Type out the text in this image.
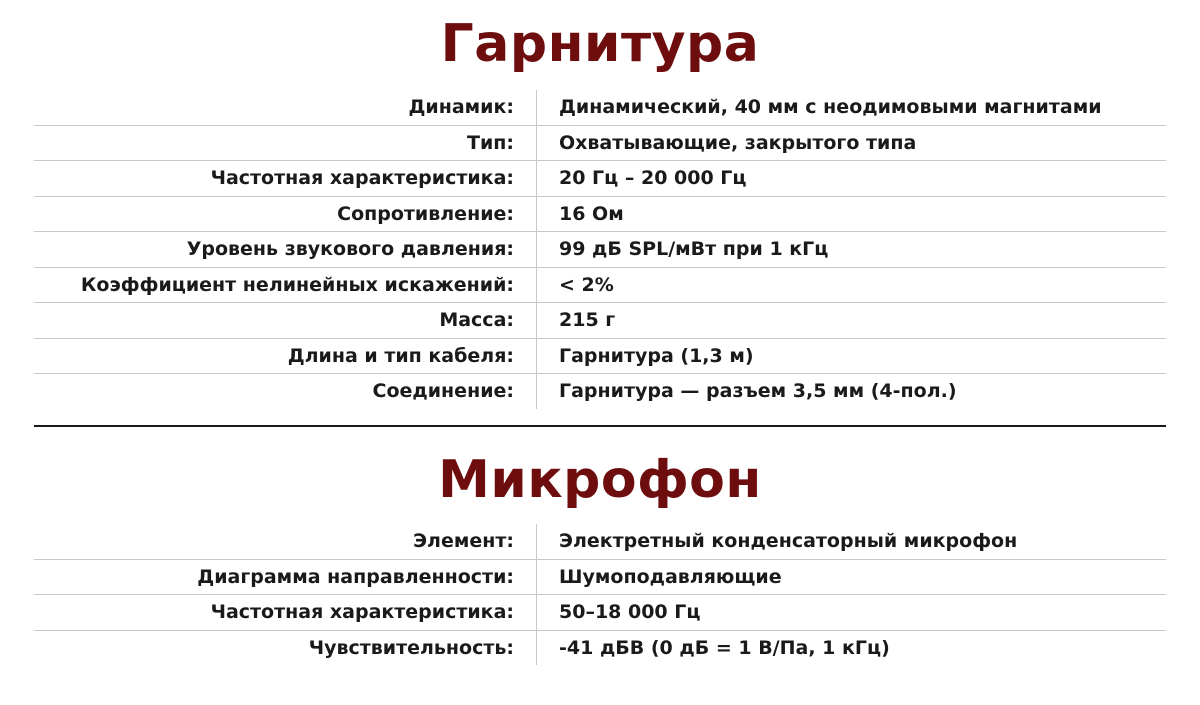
Гарнитура
Динамик: Динамический, 40 мм с неодимовыми магнитами
Тип: Охватывающие, закрытого типа
Частотная характеристика: 20 Гц – 20 000 Гц
Сопротивление: 16 Ом
Уровень звукового давления: 99 дБ SPL/мВт при 1 кГц
Коэффициент нелинейных искажений: < 2%
Масса: 215 г
Длина и тип кабеля: Гарнитура (1,3 м)
Соединение: Гарнитура — разъем 3,5 мм (4-пол.)
Микрофон
Элемент: Электретный конденсаторный микрофон
Диаграмма направленности: Шумоподавляющие
Частотная характеристика: 50–18 000 Гц
Чувствительность: -41 дБВ (0 дБ = 1 В/Па, 1 кГц)
